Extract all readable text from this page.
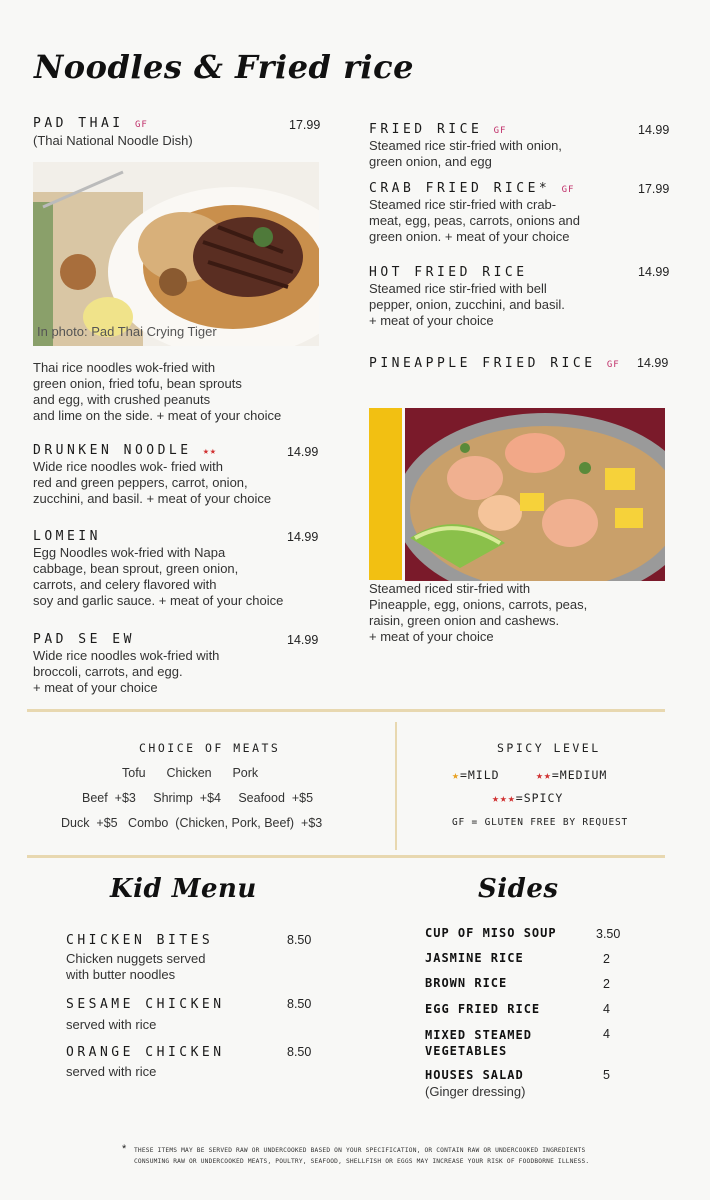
Noodles & Fried rice
PAD THAI GF	17.99
(Thai National Noodle Dish)
In photo: Pad Thai Crying Tiger
Thai rice noodles wok-fried with
green onion, fried tofu, bean sprouts
and egg, with crushed peanuts
and lime on the side. + meat of your choice
DRUNKEN NOODLE ★★	14.99
Wide rice noodles wok- fried with
red and green peppers, carrot, onion,
zucchini, and basil. + meat of your choice
LOMEIN	14.99
Egg Noodles wok-fried with Napa
cabbage, bean sprout, green onion,
carrots, and celery flavored with
soy and garlic sauce. + meat of your choice
PAD SE EW	14.99
Wide rice noodles wok-fried with
broccoli, carrots, and egg.
+ meat of your choice
FRIED RICE GF	14.99
Steamed rice stir-fried with onion,
green onion, and egg
CRAB FRIED RICE* GF	17.99
Steamed rice stir-fried with crab-
meat, egg, peas, carrots, onions and
green onion. + meat of your choice
HOT FRIED RICE	14.99
Steamed rice stir-fried with bell
pepper, onion, zucchini, and basil.
+ meat of your choice
PINEAPPLE FRIED RICE GF 14.99
Steamed riced stir-fried with
Pineapple, egg, onions, carrots, peas,
raisin, green onion and cashews.
+ meat of your choice
CHOICE OF MEATS
Tofu      Chicken      Pork
Beef  +$3     Shrimp  +$4     Seafood  +$5
Duck  +$5   Combo  (Chicken, Pork, Beef)  +$3
SPICY LEVEL
★=MILD	★★=MEDIUM
★★★=SPICY
GF = GLUTEN FREE BY REQUEST
Kid Menu
CHICKEN BITES	8.50
Chicken nuggets served
with butter noodles
SESAME CHICKEN	8.50
served with rice
ORANGE CHICKEN	8.50
served with rice
Sides
CUP OF MISO SOUP	3.50
JASMINE RICE	2
BROWN RICE	2
EGG FRIED RICE	4
MIXED STEAMED
VEGETABLES
4
HOUSES SALAD	5
(Ginger dressing)
* THESE ITEMS MAY BE SERVED RAW OR UNDERCOOKED BASED ON YOUR SPECIFICATION, OR CONTAIN RAW OR UNDERCOOKED INGREDIENTS
CONSUMING RAW OR UNDERCOOKED MEATS, POULTRY, SEAFOOD, SHELLFISH OR EGGS MAY INCREASE YOUR RISK OF FOODBORNE ILLNESS.
